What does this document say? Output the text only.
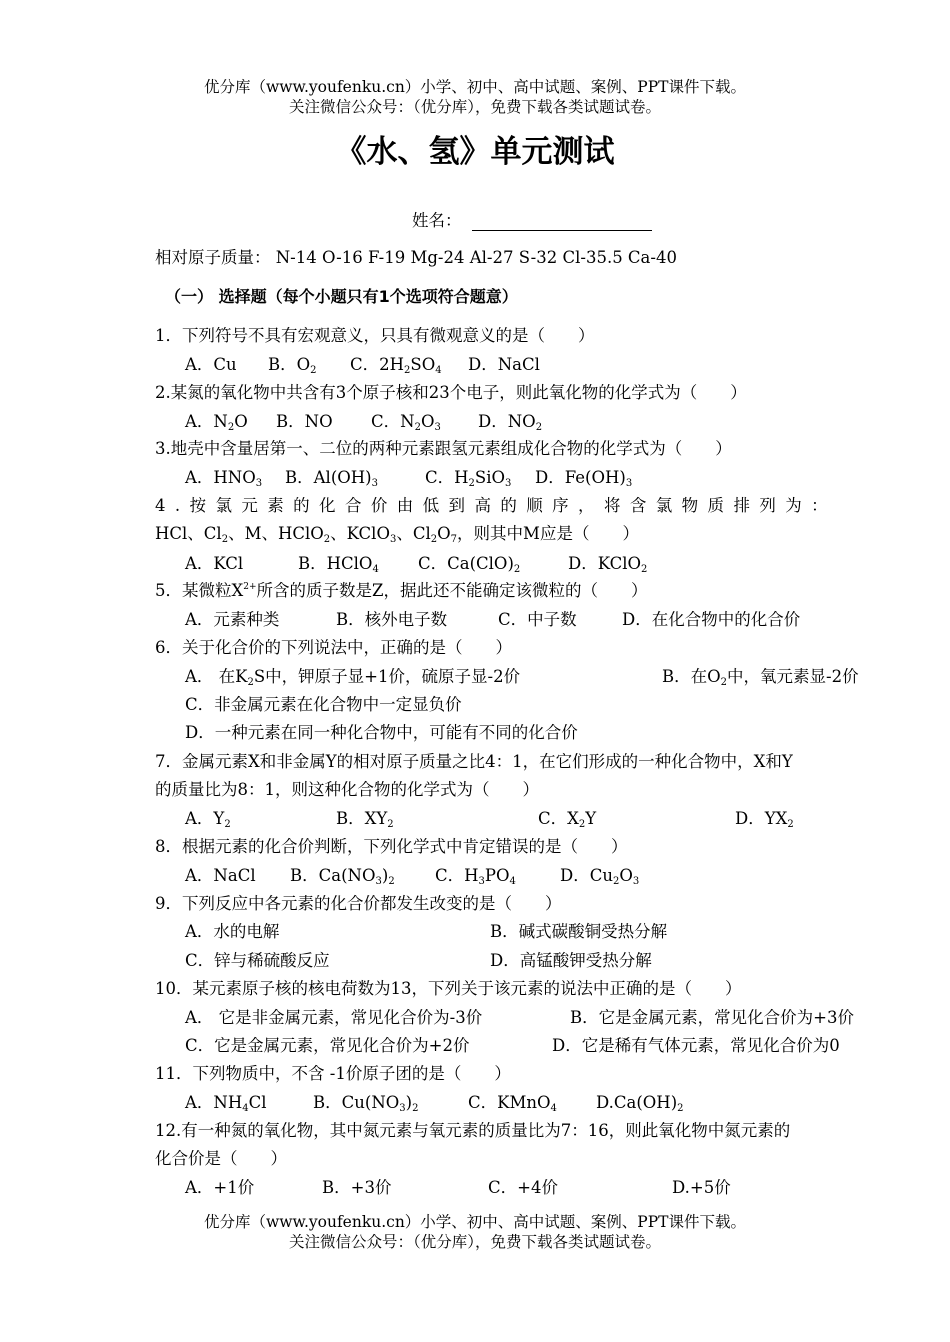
优分库（www.youfenku.cn）小学、初中、高中试题、案例、PPT课件下载。
关注微信公众号：（优分库），免费下载各类试题试卷。
《水、氢》单元测试
姓名：
相对原子质量： N-14 O-16 F-19 Mg-24 Al-27 S-32 Cl-35.5 Ca-40
（一） 选择题（每个小题只有1个选项符合题意）
1．下列符号不具有宏观意义，只具有微观意义的是（　　）
A．Cu B．$O_2$ C．$2H_2SO_4$ D．NaCl
2.某氮的氧化物中共含有3个原子核和23个电子，则此氧化物的化学式为（　　）
A．$N_2O$ B．NO C．$N_2O_3$ D．$NO_2$
3.地壳中含量居第一、二位的两种元素跟氢元素组成化合物的化学式为（　　）
A．$HNO_3$ B．$Al(OH)_3$	C．$H_2SiO_3$ D．$Fe(OH)_3$
4.按氯元素的化合价由低到高的顺序，将含氯物质排列为：
HCl、$Cl_2$、M、HClO$_2$、KClO$_3$、$Cl_2O_7$，则其中M应是（　　）
A．KCl	B．HClO$_4$ C．$Ca(ClO)_2$	D．KClO$_2$
5．某微粒$X^{2+}$所含的质子数是Z，据此还不能确定该微粒的（　　）
A．元素种类	B．核外电子数	C．中子数	D．在化合物中的化合价
6．关于化合价的下列说法中，正确的是（　　）
A． 在$K_2S$中，钾原子显+1价，硫原子显-2价	B．在$O_2$中，氧元素显-2价
C．非金属元素在化合物中一定显负价
D．一种元素在同一种化合物中，可能有不同的化合价
7．金属元素X和非金属Y的相对原子质量之比4：1，在它们形成的一种化合物中，X和Y
的质量比为8：1，则这种化合物的化学式为（　　）
A．$Y_2$	B．$XY_2$	C．$X_2Y$	D．$YX_2$
8．根据元素的化合价判断，下列化学式中肯定错误的是（　　）
A．NaCl B．$Ca(NO_3)_2$ C．$H_3PO_4$	D．$Cu_2O_3$
9．下列反应中各元素的化合价都发生改变的是（　　）
A．水的电解	B．碱式碳酸铜受热分解
C．锌与稀硫酸反应	D．高锰酸钾受热分解
10．某元素原子核的核电荷数为13，下列关于该元素的说法中正确的是（　　）
A． 它是非金属元素，常见化合价为-3价	B．它是金属元素，常见化合价为+3价
C．它是金属元素，常见化合价为+2价	D．它是稀有气体元素，常见化合价为0
11．下列物质中，不含 -1价原子团的是（　　）
A．$NH_4Cl$	B．$Cu(NO_3)_2$	C．KMnO$_4$ $D.Ca(OH)_2$
12.有一种氮的氧化物，其中氮元素与氧元素的质量比为7：16，则此氧化物中氮元素的
化合价是（　　）
A．+1价	B．+3价	C．+4价	D.+5价
优分库（www.youfenku.cn）小学、初中、高中试题、案例、PPT课件下载。
关注微信公众号：（优分库），免费下载各类试题试卷。
